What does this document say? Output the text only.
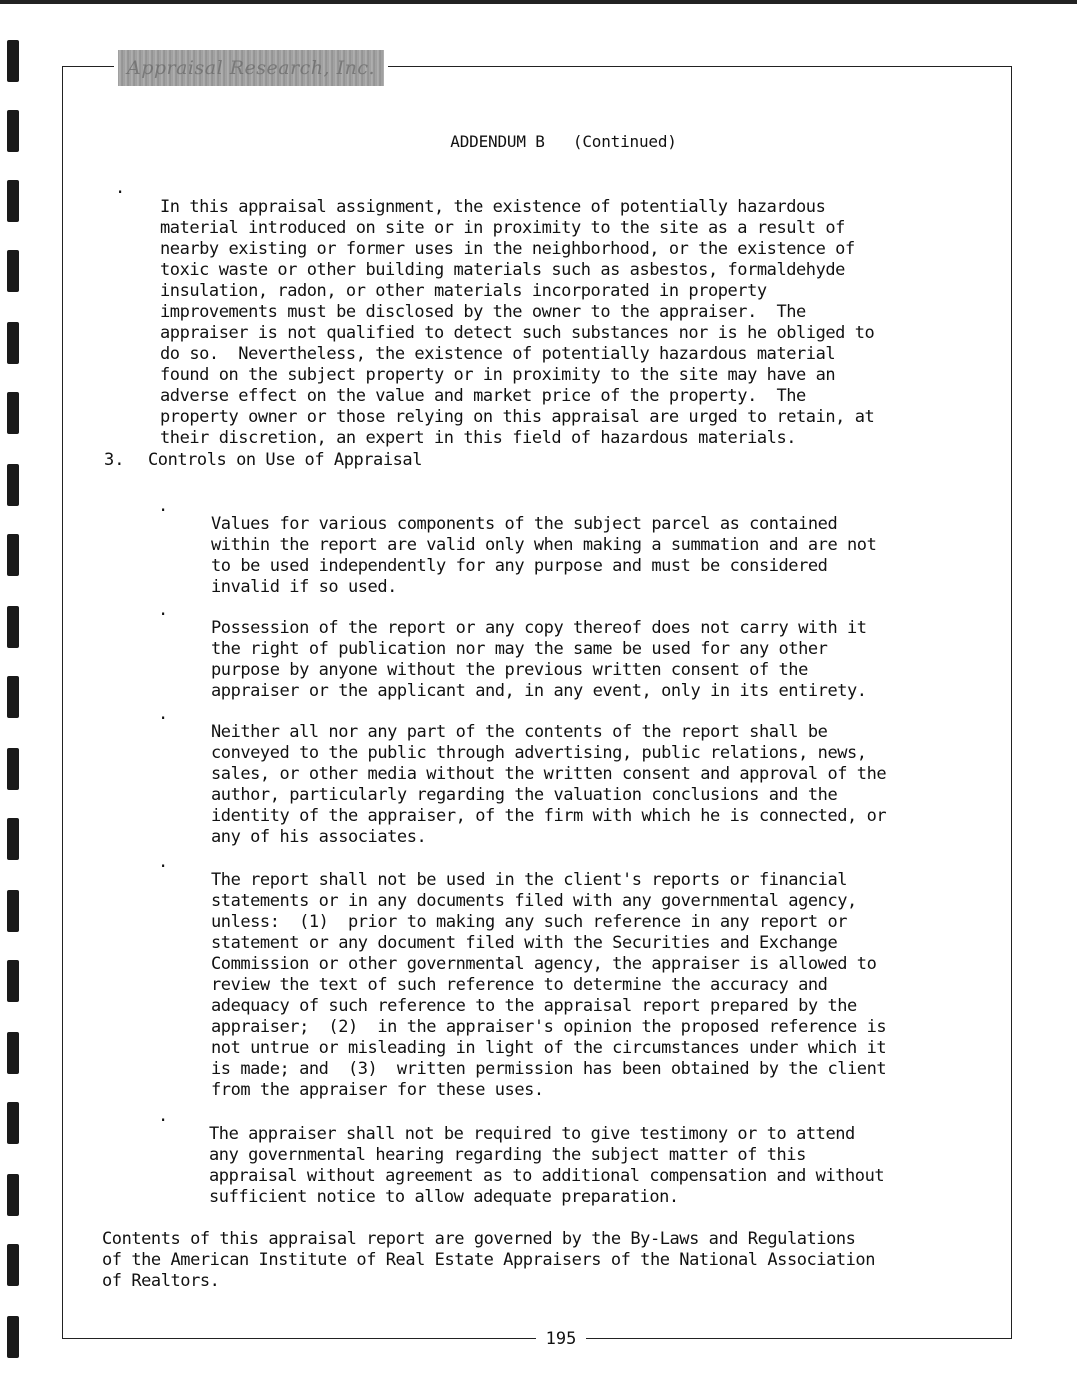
Appraisal Research, Inc.
ADDENDUM B   (Continued)
.

In this appraisal assignment, the existence of potentially hazardous
material introduced on site or in proximity to the site as a result of
nearby existing or former uses in the neighborhood, or the existence of
toxic waste or other building materials such as asbestos, formaldehyde
insulation, radon, or other materials incorporated in property
improvements must be disclosed by the owner to the appraiser.  The
appraiser is not qualified to detect such substances nor is he obliged to
do so.  Nevertheless, the existence of potentially hazardous material
found on the subject property or in proximity to the site may have an
adverse effect on the value and market price of the property.  The
property owner or those relying on this appraisal are urged to retain, at
their discretion, an expert in this field of hazardous materials.

3. Controls on Use of Appraisal
.

Values for various components of the subject parcel as contained
within the report are valid only when making a summation and are not
to be used independently for any purpose and must be considered
invalid if so used.

.

Possession of the report or any copy thereof does not carry with it
the right of publication nor may the same be used for any other
purpose by anyone without the previous written consent of the
appraiser or the applicant and, in any event, only in its entirety.

.

Neither all nor any part of the contents of the report shall be
conveyed to the public through advertising, public relations, news,
sales, or other media without the written consent and approval of the
author, particularly regarding the valuation conclusions and the
identity of the appraiser, of the firm with which he is connected, or
any of his associates.

.

The report shall not be used in the client's reports or financial
statements or in any documents filed with any governmental agency,
unless:  (1)  prior to making any such reference in any report or
statement or any document filed with the Securities and Exchange
Commission or other governmental agency, the appraiser is allowed to
review the text of such reference to determine the accuracy and
adequacy of such reference to the appraisal report prepared by the
appraiser;  (2)  in the appraiser's opinion the proposed reference is
not untrue or misleading in light of the circumstances under which it
is made; and  (3)  written permission has been obtained by the client
from the appraiser for these uses.

.

The appraiser shall not be required to give testimony or to attend
any governmental hearing regarding the subject matter of this
appraisal without agreement as to additional compensation and without
sufficient notice to allow adequate preparation.

Contents of this appraisal report are governed by the By-Laws and Regulations
of the American Institute of Real Estate Appraisers of the National Association
of Realtors.

195
